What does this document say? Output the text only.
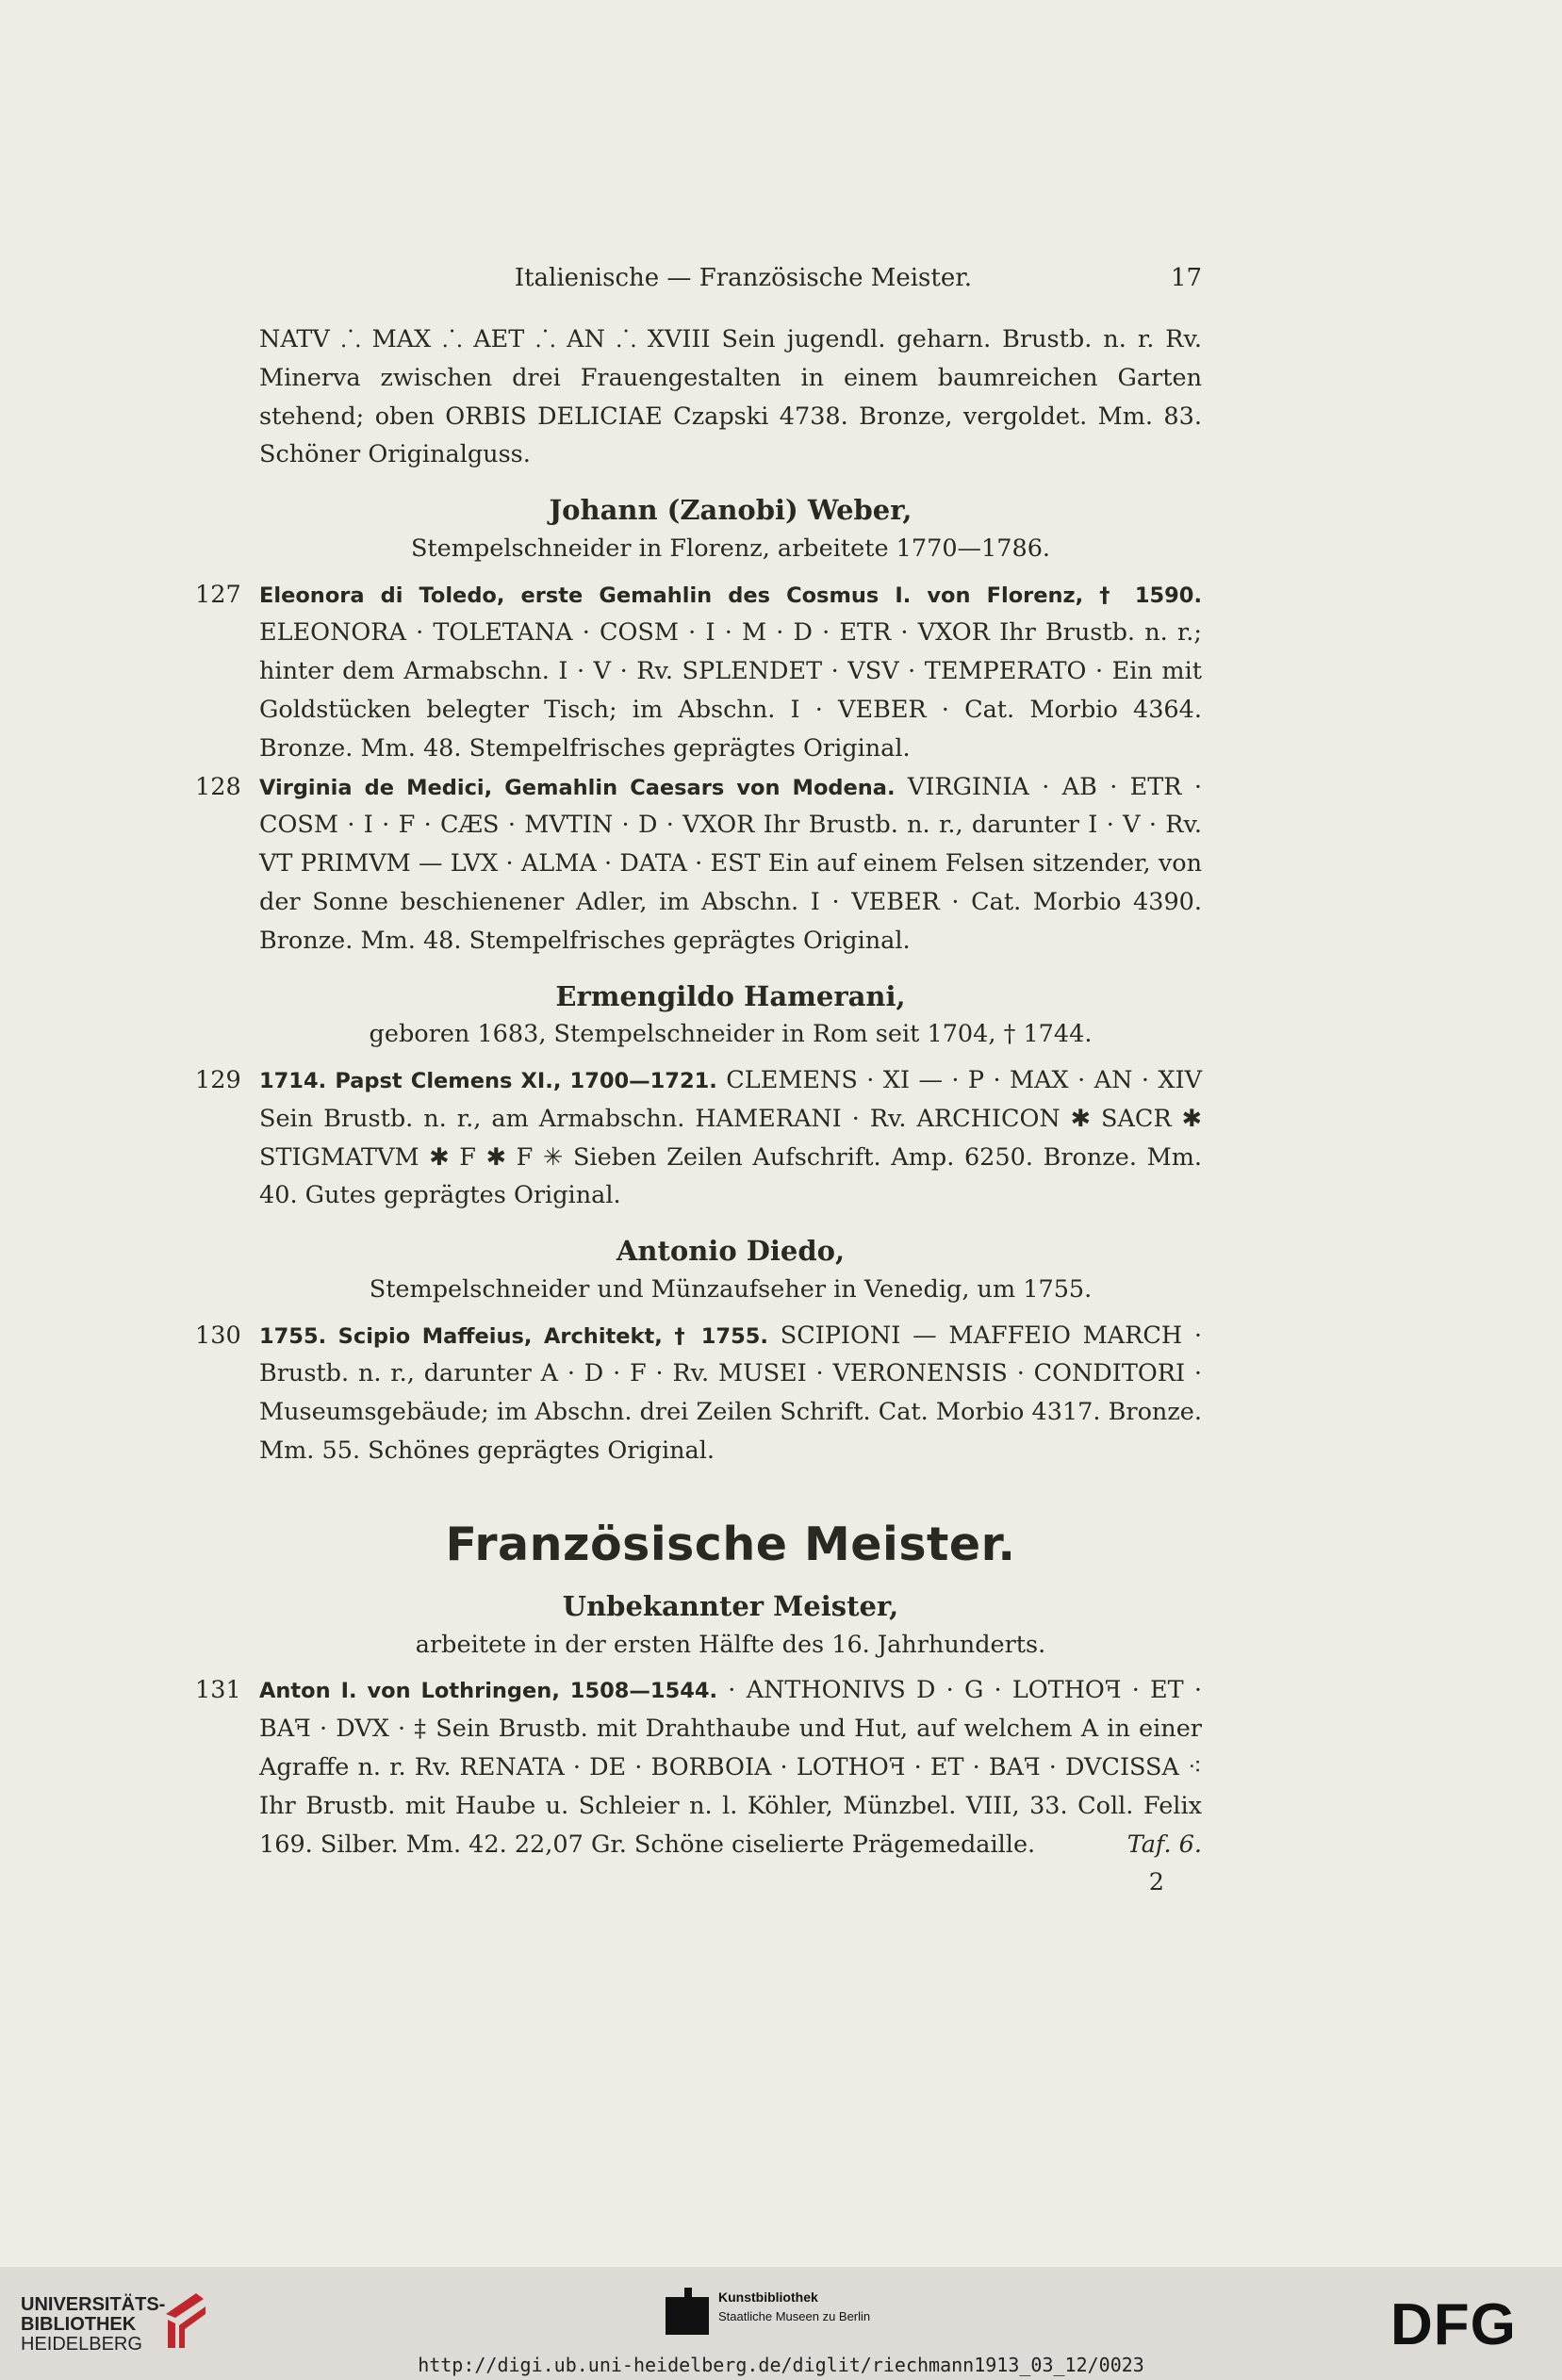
Italienische — Französische Meister.	17
NATV ⸫ MAX ⸫ AET ⸫ AN ⸫ XVIII Sein jugendl. geharn. Brustb. n. r. Rv. Minerva zwischen drei Frauengestalten in einem baumreichen Garten stehend; oben ORBIS DELICIAE Czapski 4738. Bronze, vergoldet. Mm. 83. Schöner Originalguss.
Johann (Zanobi) Weber,
Stempelschneider in Florenz, arbeitete 1770—1786.
127 Eleonora di Toledo, erste Gemahlin des Cosmus I. von Florenz, † 1590. ELEONORA · TOLETANA · COSM · I · M · D · ETR · VXOR Ihr Brustb. n. r.; hinter dem Armabschn. I · V · Rv. SPLENDET · VSV · TEMPERATO · Ein mit Goldstücken belegter Tisch; im Abschn. I · VEBER · Cat. Morbio 4364. Bronze. Mm. 48. Stempelfrisches geprägtes Original.
128 Virginia de Medici, Gemahlin Caesars von Modena. VIRGINIA · AB · ETR · COSM · I · F · CÆS · MVTIN · D · VXOR Ihr Brustb. n. r., darunter I · V · Rv. VT PRIMVM — LVX · ALMA · DATA · EST Ein auf einem Felsen sitzender, von der Sonne beschienener Adler, im Abschn. I · VEBER · Cat. Morbio 4390. Bronze. Mm. 48. Stempelfrisches geprägtes Original.
Ermengildo Hamerani,
geboren 1683, Stempelschneider in Rom seit 1704, † 1744.
129 1714. Papst Clemens XI., 1700—1721. CLEMENS · XI — · P · MAX · AN · XIV Sein Brustb. n. r., am Armabschn. HAMERANI · Rv. ARCHICON ✱ SACR ✱ STIGMATVM ✱ F ✱ F ✳ Sieben Zeilen Aufschrift. Amp. 6250. Bronze. Mm. 40. Gutes geprägtes Original.
Antonio Diedo,
Stempelschneider und Münzaufseher in Venedig, um 1755.
130 1755. Scipio Maffeius, Architekt, † 1755. SCIPIONI — MAFFEIO MARCH · Brustb. n. r., darunter A · D · F · Rv. MUSEI · VERONENSIS · CONDITORI · Museumsgebäude; im Abschn. drei Zeilen Schrift. Cat. Morbio 4317. Bronze. Mm. 55. Schönes geprägtes Original.
Französische Meister.
Unbekannter Meister,
arbeitete in der ersten Hälfte des 16. Jahrhunderts.
131 Anton I. von Lothringen, 1508—1544. · ANTHONIVS D · G · LOTHOꟻ · ET · BAꟻ · DVX · ‡ Sein Brustb. mit Drahthaube und Hut, auf welchem A in einer Agraffe n. r. Rv. RENATA · DE · BORBOIA · LOTHOꟻ · ET · BAꟻ · DVCISSA ⁖ Ihr Brustb. mit Haube u. Schleier n. l. Köhler, Münzbel. VIII, 33. Coll. Felix 169. Silber. Mm. 42. 22,07 Gr. Schöne ciselierte Prägemedaille.	Taf. 6.
2
UNIVERSITÄTS-
BIBLIOTHEK
HEIDELBERG
Kunstbibliothek
Staatliche Museen zu Berlin	DFG
http://digi.ub.uni-heidelberg.de/diglit/riechmann1913_03_12/0023
